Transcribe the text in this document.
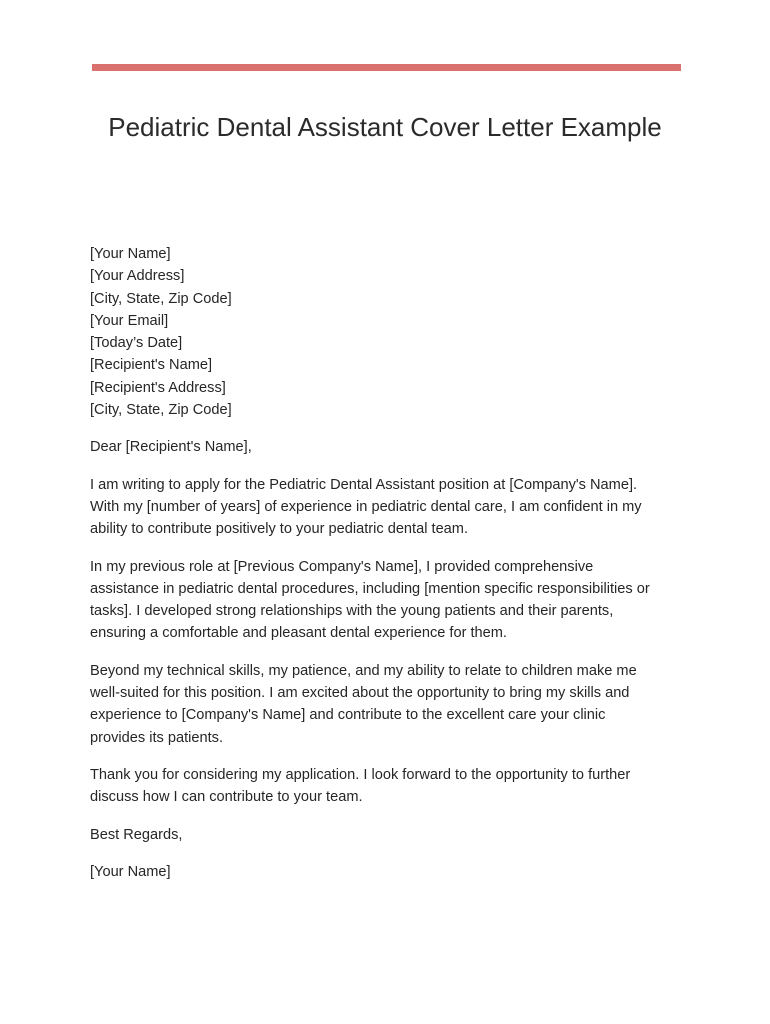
Pediatric Dental Assistant Cover Letter Example
[Your Name]
[Your Address]
[City, State, Zip Code]
[Your Email]
[Today’s Date]
[Recipient's Name]
[Recipient's Address]
[City, State, Zip Code]

Dear [Recipient's Name],

I am writing to apply for the Pediatric Dental Assistant position at [Company's Name]. With my [number of years] of experience in pediatric dental care, I am confident in my ability to contribute positively to your pediatric dental team.

In my previous role at [Previous Company's Name], I provided comprehensive assistance in pediatric dental procedures, including [mention specific responsibilities or tasks]. I developed strong relationships with the young patients and their parents, ensuring a comfortable and pleasant dental experience for them.

Beyond my technical skills, my patience, and my ability to relate to children make me well-suited for this position. I am excited about the opportunity to bring my skills and experience to [Company's Name] and contribute to the excellent care your clinic provides its patients.

Thank you for considering my application. I look forward to the opportunity to further discuss how I can contribute to your team.

Best Regards,

[Your Name]
